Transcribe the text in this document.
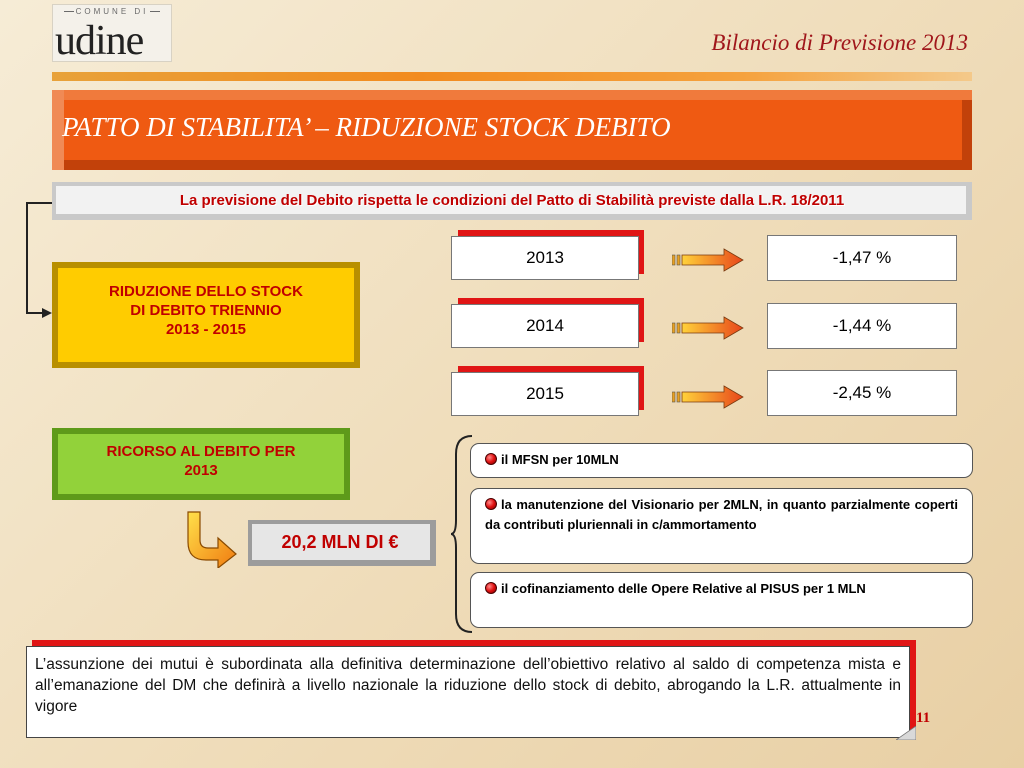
COMUNE DI
udine	Bilancio di Previsione 2013
PATTO DI STABILITA’ – RIDUZIONE STOCK DEBITO
La previsione del Debito rispetta le condizioni del Patto di Stabilità previste dalla L.R. 18/2011
RIDUZIONE DELLO STOCK
DI DEBITO TRIENNIO
2013 - 2015
2013	-1,47 %
2014	-1,44 %
2015	-2,45 %
RICORSO AL DEBITO PER
2013
20,2 MLN DI €
il MFSN per 10MLN
la manutenzione del Visionario per 2MLN, in quanto parzialmente coperti da contributi pluriennali in c/ammortamento
il cofinanziamento delle Opere Relative al PISUS per 1 MLN
L’assunzione dei mutui è subordinata alla definitiva determinazione dell’obiettivo relativo al saldo di competenza mista e all’emanazione del DM che definirà a livello nazionale la riduzione dello stock di debito, abrogando la L.R. attualmente in vigore
11
